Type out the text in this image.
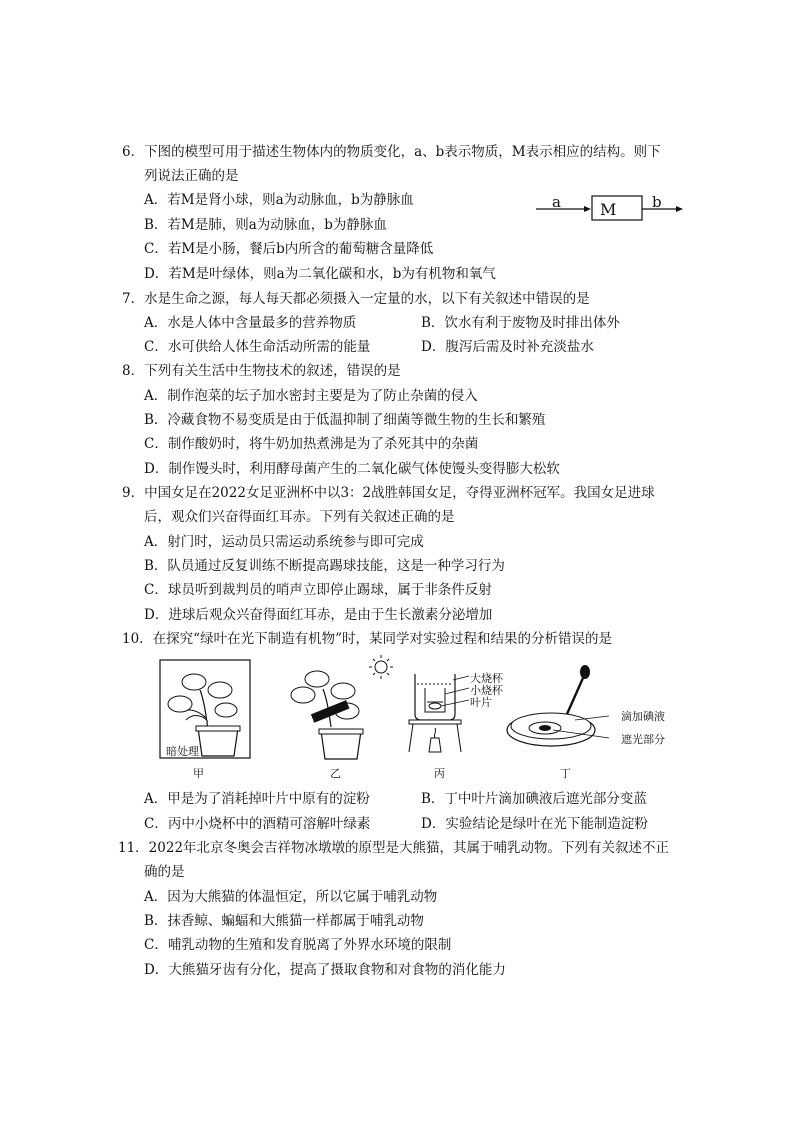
6．下图的模型可用于描述生物体内的物质变化，a、b表示物质，M表示相应的结构。则下
列说法正确的是
A．若M是肾小球，则a为动脉血，b为静脉血
B．若M是肺，则a为动脉血，b为静脉血
C．若M是小肠，餐后b内所含的葡萄糖含量降低
D．若M是叶绿体，则a为二氧化碳和水，b为有机物和氧气
a M b
7．水是生命之源，每人每天都必须摄入一定量的水，以下有关叙述中错误的是
A．水是人体中含量最多的营养物质	B．饮水有利于废物及时排出体外
C．水可供给人体生命活动所需的能量	D．腹泻后需及时补充淡盐水
8．下列有关生活中生物技术的叙述，错误的是
A．制作泡菜的坛子加水密封主要是为了防止杂菌的侵入
B．冷藏食物不易变质是由于低温抑制了细菌等微生物的生长和繁殖
C．制作酸奶时，将牛奶加热煮沸是为了杀死其中的杂菌
D．制作馒头时，利用酵母菌产生的二氧化碳气体使馒头变得膨大松软
9．中国女足在2022女足亚洲杯中以3：2战胜韩国女足，夺得亚洲杯冠军。我国女足进球
后，观众们兴奋得面红耳赤。下列有关叙述正确的是
A．射门时，运动员只需运动系统参与即可完成
B．队员通过反复训练不断提高踢球技能，这是一种学习行为
C．球员听到裁判员的哨声立即停止踢球，属于非条件反射
D．进球后观众兴奋得面红耳赤，是由于生长激素分泌增加
10．在探究“绿叶在光下制造有机物”时，某同学对实验过程和结果的分析错误的是
暗处理
大烧杯
小烧杯
叶片
滴加碘液
遮光部分
甲	乙	丙	丁
A．甲是为了消耗掉叶片中原有的淀粉	B．丁中叶片滴加碘液后遮光部分变蓝
C．丙中小烧杯中的酒精可溶解叶绿素	D．实验结论是绿叶在光下能制造淀粉
11．2022年北京冬奥会吉祥物冰墩墩的原型是大熊猫，其属于哺乳动物。下列有关叙述不正
确的是
A．因为大熊猫的体温恒定，所以它属于哺乳动物
B．抹香鲸、蝙蝠和大熊猫一样都属于哺乳动物
C．哺乳动物的生殖和发育脱离了外界水环境的限制
D．大熊猫牙齿有分化，提高了摄取食物和对食物的消化能力
